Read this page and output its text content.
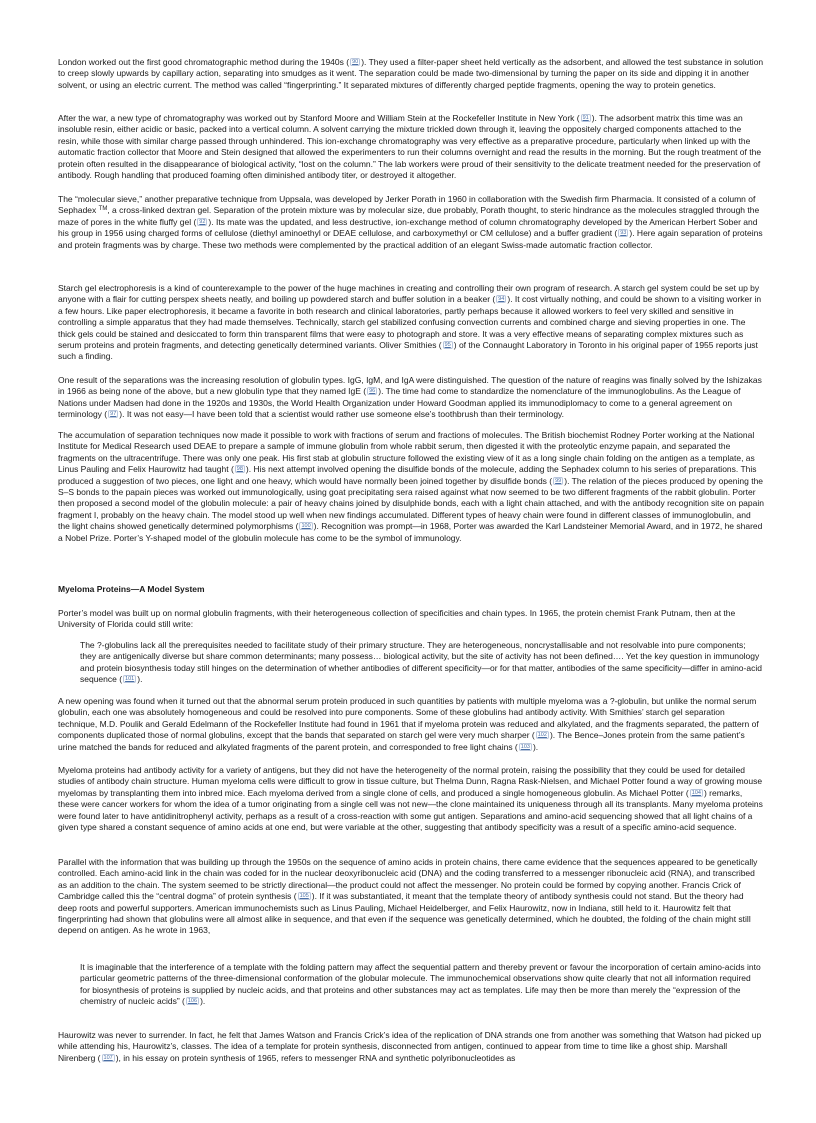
London worked out the first good chromatographic method during the 1940s ( 90 ). They used a filter-paper sheet held vertically as the adsorbent, and allowed the test substance in solution to creep slowly upwards by capillary action, separating into smudges as it went. The separation could be made two-dimensional by turning the paper on its side and dipping it in another solvent, or using an electric current. The method was called “fingerprinting.” It separated mixtures of differently charged peptide fragments, opening the way to protein genetics.

After the war, a new type of chromatography was worked out by Stanford Moore and William Stein at the Rockefeller Institute in New York ( 91 ). The adsorbent matrix this time was an insoluble resin, either acidic or basic, packed into a vertical column. A solvent carrying the mixture trickled down through it, leaving the oppositely charged components attached to the resin, while those with similar charge passed through unhindered. This ion-exchange chromatography was very effective as a preparative procedure, particularly when linked up with the automatic fraction collector that Moore and Stein designed that allowed the experimenters to run their columns overnight and read the results in the morning. But the rough treatment of the protein often resulted in the disappearance of biological activity, “lost on the column.” The lab workers were proud of their sensitivity to the delicate treatment needed for the preservation of antibody. Rough handling that produced foaming often diminished antibody titer, or destroyed it altogether.

The “molecular sieve,” another preparative technique from Uppsala, was developed by Jerker Porath in 1960 in collaboration with the Swedish firm Pharmacia. It consisted of a column of Sephadex ™, a cross-linked dextran gel. Separation of the protein mixture was by molecular size, due probably, Porath thought, to steric hindrance as the molecules straggled through the maze of pores in the white fluffy gel ( 92 ). Its mate was the updated, and less destructive, ion-exchange method of column chromatography developed by the American Herbert Sober and his group in 1956 using charged forms of cellulose (diethyl aminoethyl or DEAE cellulose, and carboxymethyl or CM cellulose) and a buffer gradient ( 93 ). Here again separation of proteins and protein fragments was by charge. These two methods were complemented by the practical addition of an elegant Swiss-made automatic fraction collector.

Starch gel electrophoresis is a kind of counterexample to the power of the huge machines in creating and controlling their own program of research. A starch gel system could be set up by anyone with a flair for cutting perspex sheets neatly, and boiling up powdered starch and buffer solution in a beaker ( 94 ). It cost virtually nothing, and could be shown to a visiting worker in a few hours. Like paper electrophoresis, it became a favorite in both research and clinical laboratories, partly perhaps because it allowed workers to feel very skilled and sensitive in controlling a simple apparatus that they had made themselves. Technically, starch gel stabilized confusing convection currents and combined charge and sieving properties in one. The thick gels could be stained and desiccated to form thin transparent films that were easy to photograph and store. It was a very effective means of separating complex mixtures such as serum proteins and protein fragments, and detecting genetically determined variants. Oliver Smithies ( 95 ) of the Connaught Laboratory in Toronto in his original paper of 1955 reports just such a finding.

One result of the separations was the increasing resolution of globulin types. IgG, IgM, and IgA were distinguished. The question of the nature of reagins was finally solved by the Ishizakas in 1966 as being none of the above, but a new globulin type that they named IgE ( 96 ). The time had come to standardize the nomenclature of the immunoglobulins. As the League of Nations under Madsen had done in the 1920s and 1930s, the World Health Organization under Howard Goodman applied its immunodiplomacy to come to a general agreement on terminology ( 97 ). It was not easy—I have been told that a scientist would rather use someone else’s toothbrush than their terminology.

The accumulation of separation techniques now made it possible to work with fractions of serum and fractions of molecules. The British biochemist Rodney Porter working at the National Institute for Medical Research used DEAE to prepare a sample of immune globulin from whole rabbit serum, then digested it with the proteolytic enzyme papain, and separated the fragments on the ultracentrifuge. There was only one peak. His first stab at globulin structure followed the existing view of it as a long single chain folding on the antigen as a template, as Linus Pauling and Felix Haurowitz had taught ( 98 ). His next attempt involved opening the disulfide bonds of the molecule, adding the Sephadex column to his series of preparations. This produced a suggestion of two pieces, one light and one heavy, which would have normally been joined together by disulfide bonds ( 99 ). The relation of the pieces produced by opening the S–S bonds to the papain pieces was worked out immunologically, using goat precipitating sera raised against what now seemed to be two different fragments of the rabbit globulin. Porter then proposed a second model of the globulin molecule: a pair of heavy chains joined by disulphide bonds, each with a light chain attached, and with the antibody recognition site on papain fragment I, probably on the heavy chain. The model stood up well when new findings accumulated. Different types of heavy chain were found in different classes of immunoglobulin, and the light chains showed genetically determined polymorphisms ( 100 ). Recognition was prompt—in 1968, Porter was awarded the Karl Landsteiner Memorial Award, and in 1972, he shared a Nobel Prize. Porter’s Y-shaped model of the globulin molecule has come to be the symbol of immunology.

Myeloma Proteins—A Model System

Porter’s model was built up on normal globulin fragments, with their heterogeneous collection of specificities and chain types. In 1965, the protein chemist Frank Putnam, then at the University of Florida could still write:

The ?-globulins lack all the prerequisites needed to facilitate study of their primary structure. They are heterogeneous, noncrystallisable and not resolvable into pure components; they are antigenically diverse but share common determinants; many possess… biological activity, but the site of activity has not been defined…. Yet the key question in immunology and protein biosynthesis today still hinges on the determination of whether antibodies of different specificity—or for that matter, antibodies of the same specificity—differ in amino-acid sequence ( 101 ).

A new opening was found when it turned out that the abnormal serum protein produced in such quantities by patients with multiple myeloma was a ?-globulin, but unlike the normal serum globulin, each one was absolutely homogeneous and could be resolved into pure components. Some of these globulins had antibody activity. With Smithies’ starch gel separation technique, M.D. Poulik and Gerald Edelmann of the Rockefeller Institute had found in 1961 that if myeloma protein was reduced and alkylated, and the fragments separated, the pattern of components duplicated those of normal globulins, except that the bands that separated on starch gel were very much sharper ( 102 ). The Bence–Jones protein from the same patient’s urine matched the bands for reduced and alkylated fragments of the parent protein, and corresponded to free light chains ( 103 ).

Myeloma proteins had antibody activity for a variety of antigens, but they did not have the heterogeneity of the normal protein, raising the possibility that they could be used for detailed studies of antibody chain structure. Human myeloma cells were difficult to grow in tissue culture, but Thelma Dunn, Ragna Rask-Nielsen, and Michael Potter found a way of growing mouse myelomas by transplanting them into inbred mice. Each myeloma derived from a single clone of cells, and produced a single homogeneous globulin. As Michael Potter ( 104 ) remarks, these were cancer workers for whom the idea of a tumor originating from a single cell was not new—the clone maintained its uniqueness through all its transplants. Many myeloma proteins were found later to have antidinitrophenyl activity, perhaps as a result of a cross-reaction with some gut antigen. Separations and amino-acid sequencing showed that all light chains of a given type shared a constant sequence of amino acids at one end, but were variable at the other, suggesting that antibody specificity was a result of a specific amino-acid sequence.

Parallel with the information that was building up through the 1950s on the sequence of amino acids in protein chains, there came evidence that the sequences appeared to be genetically controlled. Each amino-acid link in the chain was coded for in the nuclear deoxyribonucleic acid (DNA) and the coding transferred to a messenger ribonucleic acid (RNA), and transcribed as an addition to the chain. The system seemed to be strictly directional—the product could not affect the messenger. No protein could be formed by copying another. Francis Crick of Cambridge called this the “central dogma” of protein synthesis ( 105 ). If it was substantiated, it meant that the template theory of antibody synthesis could not stand. But the theory had deep roots and powerful supporters. American immunochemists such as Linus Pauling, Michael Heidelberger, and Felix Haurowitz, now in Indiana, still held to it. Haurowitz felt that fingerprinting had shown that globulins were all almost alike in sequence, and that even if the sequence was genetically determined, which he doubted, the folding of the chain might still depend on antigen. As he wrote in 1963,

It is imaginable that the interference of a template with the folding pattern may affect the sequential pattern and thereby prevent or favour the incorporation of certain amino-acids into particular geometric patterns of the three-dimensional conformation of the globular molecule. The immunochemical observations show quite clearly that not all information required for biosynthesis of proteins is supplied by nucleic acids, and that proteins and other substances may act as templates. Life may then be more than merely the “expression of the chemistry of nucleic acids” ( 106 ).

Haurowitz was never to surrender. In fact, he felt that James Watson and Francis Crick’s idea of the replication of DNA strands one from another was something that Watson had picked up while attending his, Haurowitz’s, classes. The idea of a template for protein synthesis, disconnected from antigen, continued to appear from time to time like a ghost ship. Marshall Nirenberg ( 107 ), in his essay on protein synthesis of 1965, refers to messenger RNA and synthetic polyribonucleotides as
